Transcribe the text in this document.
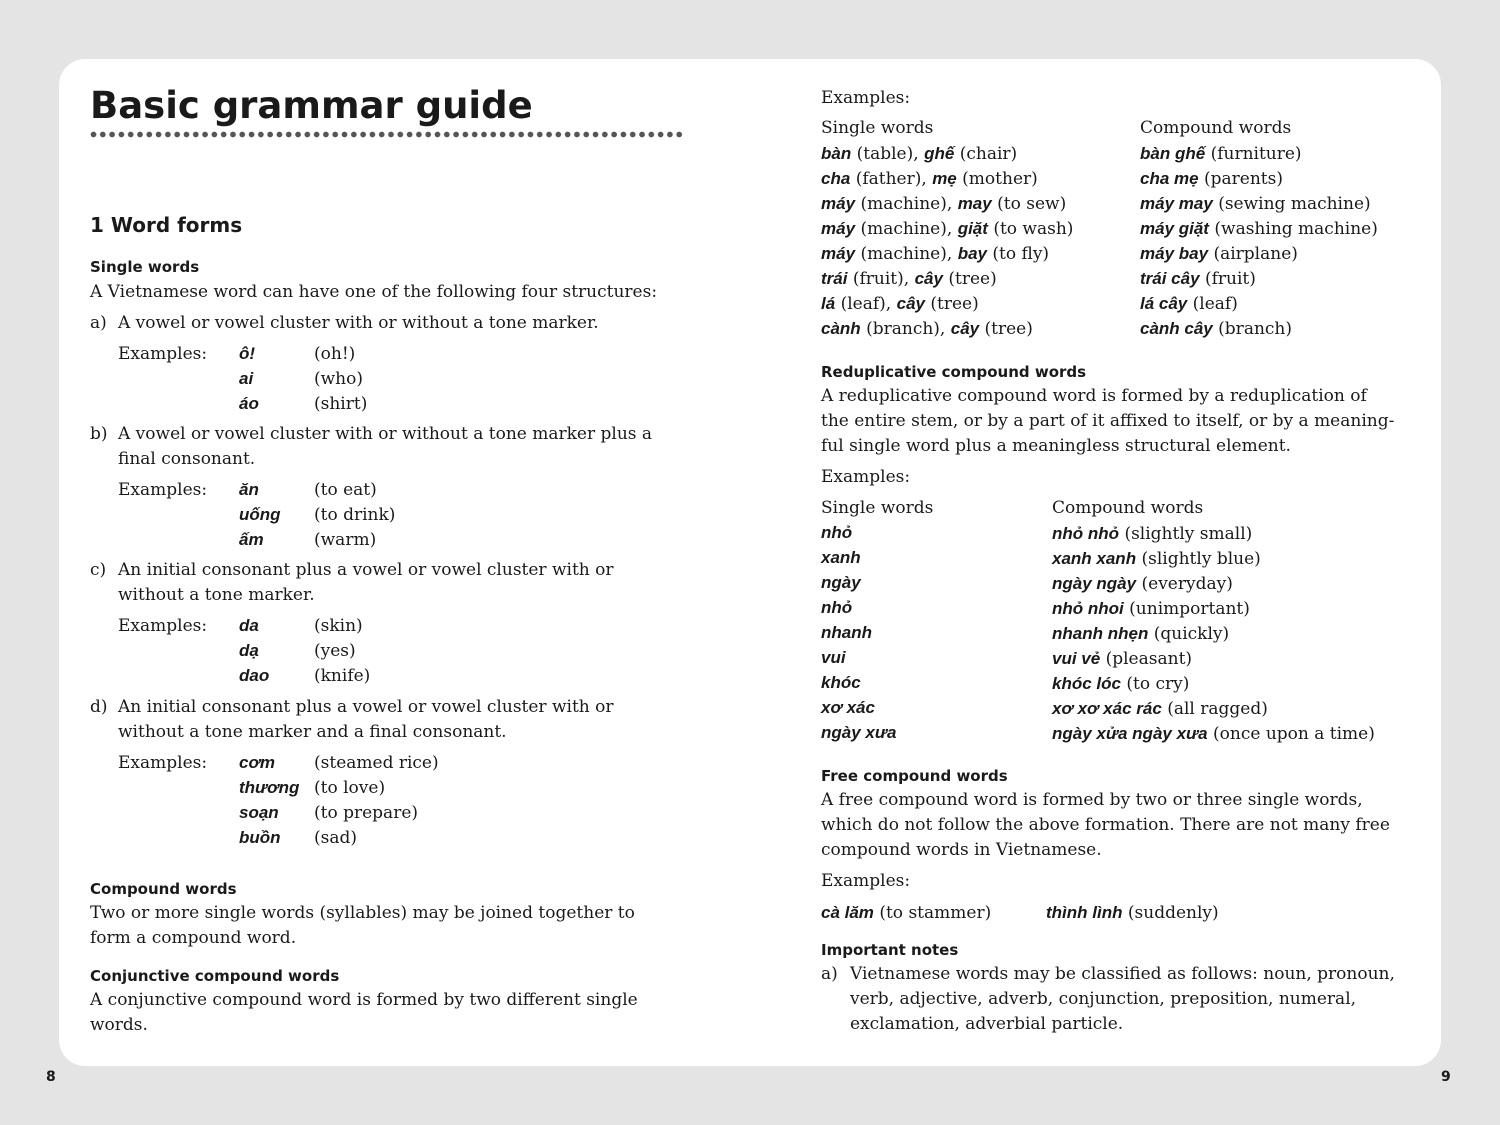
Basic grammar guide
1 Word forms
Single words
A Vietnamese word can have one of the following four structures:
a) A vowel or vowel cluster with or without a tone marker.
Examples: ô!	(oh!)
ai	(who)
áo	(shirt)
b) A vowel or vowel cluster with or without a tone marker plus a
final consonant.
Examples: ăn	(to eat)
uống (to drink)
ấm	(warm)
c) An initial consonant plus a vowel or vowel cluster with or
without a tone marker.
Examples: da	(skin)
dạ	(yes)
dao	(knife)
d) An initial consonant plus a vowel or vowel cluster with or
without a tone marker and a final consonant.
Examples: cơm (steamed rice)
thương (to love)
soạn (to prepare)
buồn (sad)
Compound words
Two or more single words (syllables) may be joined together to
form a compound word.
Conjunctive compound words
A conjunctive compound word is formed by two different single
words.
8
Examples:
Single words	Compound words
bàn (table), ghế (chair)	bàn ghế (furniture)
cha (father), mẹ (mother)	cha mẹ (parents)
máy (machine), may (to sew)	máy may (sewing machine)
máy (machine), giặt (to wash)	máy giặt (washing machine)
máy (machine), bay (to fly)	máy bay (airplane)
trái (fruit), cây (tree)	trái cây (fruit)
lá (leaf), cây (tree)	lá cây (leaf)
cành (branch), cây (tree)	cành cây (branch)
Reduplicative compound words
A reduplicative compound word is formed by a reduplication of
the entire stem, or by a part of it affixed to itself, or by a meaning-
ful single word plus a meaningless structural element.
Examples:
Single words	Compound words
nhỏ	nhỏ nhỏ (slightly small)
xanh	xanh xanh (slightly blue)
ngày	ngày ngày (everyday)
nhỏ	nhỏ nhoi (unimportant)
nhanh	nhanh nhẹn (quickly)
vui	vui vẻ (pleasant)
khóc	khóc lóc (to cry)
xơ xác	xơ xơ xác rác (all ragged)
ngày xưa	ngày xửa ngày xưa (once upon a time)
Free compound words
A free compound word is formed by two or three single words,
which do not follow the above formation. There are not many free
compound words in Vietnamese.
Examples:
cà lăm (to stammer)	thình lình (suddenly)
Important notes
a) Vietnamese words may be classified as follows: noun, pronoun,
verb, adjective, adverb, conjunction, preposition, numeral,
exclamation, adverbial particle.
9
